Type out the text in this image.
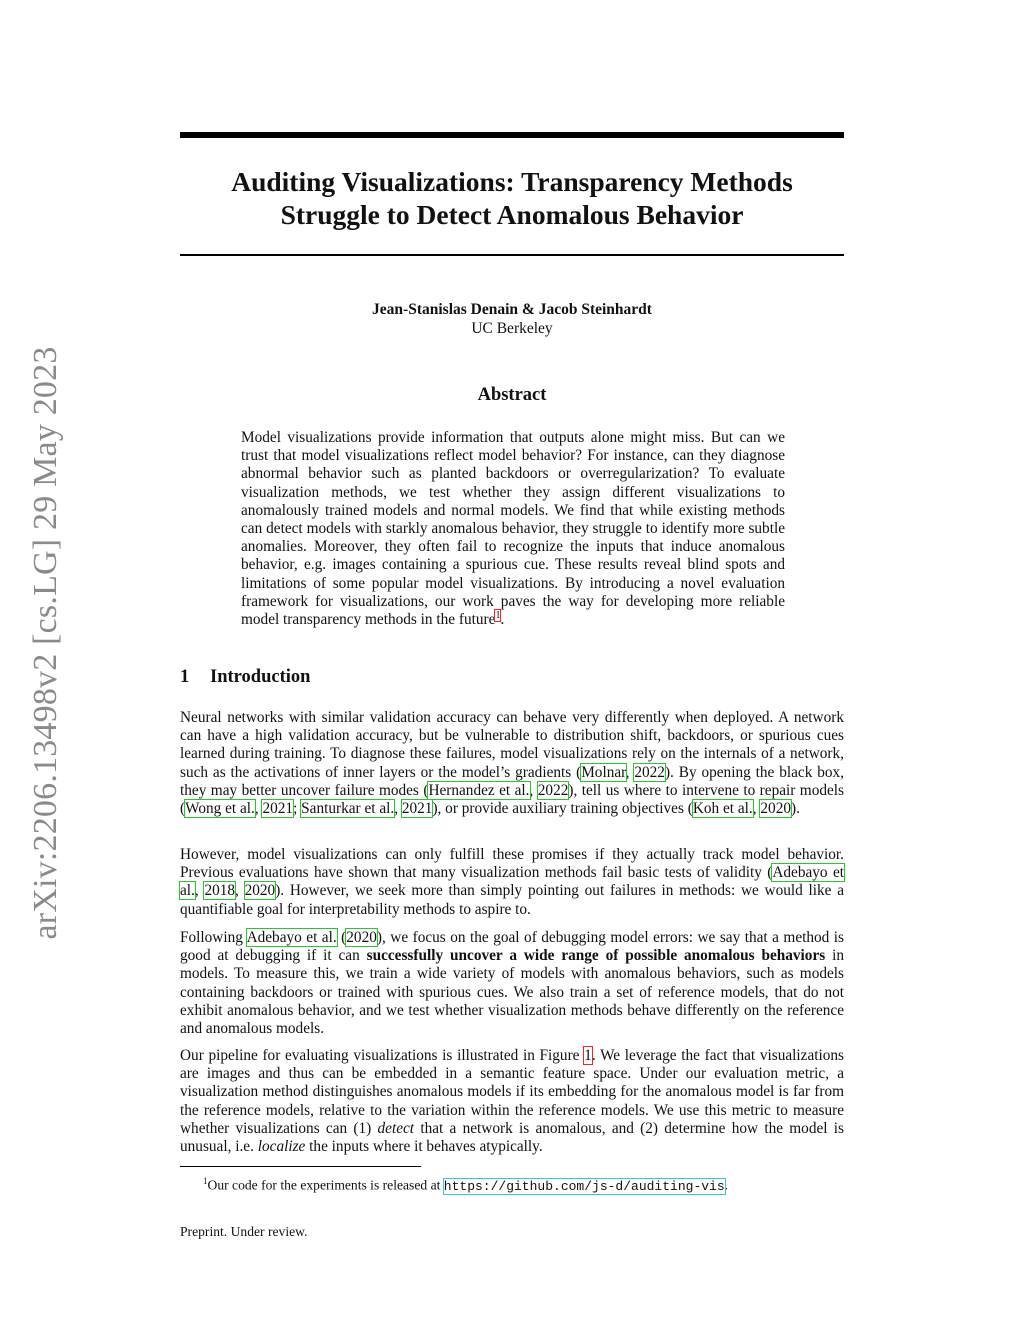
arXiv:2206.13498v2 [cs.LG] 29 May 2023
Auditing Visualizations: Transparency Methods
Struggle to Detect Anomalous Behavior
Jean-Stanislas Denain & Jacob Steinhardt
UC Berkeley
Abstract
Model visualizations provide information that outputs alone might miss. But can we trust that model visualizations reflect model behavior? For instance, can they diagnose abnormal behavior such as planted backdoors or overregularization? To evaluate visualization methods, we test whether they assign different visualizations to anomalously trained models and normal models. We find that while existing methods can detect models with starkly anomalous behavior, they struggle to identify more subtle anomalies. Moreover, they often fail to recognize the inputs that induce anomalous behavior, e.g. images containing a spurious cue. These results reveal blind spots and limitations of some popular model visualizations. By introducing a novel evaluation framework for visualizations, our work paves the way for developing more reliable model transparency methods in the future$^1$.
1 Introduction
Neural networks with similar validation accuracy can behave very differently when deployed. A network can have a high validation accuracy, but be vulnerable to distribution shift, backdoors, or spurious cues learned during training. To diagnose these failures, model visualizations rely on the internals of a network, such as the activations of inner layers or the model’s gradients (Molnar, 2022). By opening the black box, they may better uncover failure modes (Hernandez et al., 2022), tell us where to intervene to repair models (Wong et al., 2021; Santurkar et al., 2021), or provide auxiliary training objectives (Koh et al., 2020).
However, model visualizations can only fulfill these promises if they actually track model behavior. Previous evaluations have shown that many visualization methods fail basic tests of validity (Adebayo et al., 2018, 2020). However, we seek more than simply pointing out failures in methods: we would like a quantifiable goal for interpretability methods to aspire to.
Following Adebayo et al. (2020), we focus on the goal of debugging model errors: we say that a method is good at debugging if it can successfully uncover a wide range of possible anomalous behaviors in models. To measure this, we train a wide variety of models with anomalous behaviors, such as models containing backdoors or trained with spurious cues. We also train a set of reference models, that do not exhibit anomalous behavior, and we test whether visualization methods behave differently on the reference and anomalous models.
Our pipeline for evaluating visualizations is illustrated in Figure 1. We leverage the fact that visualizations are images and thus can be embedded in a semantic feature space. Under our evaluation metric, a visualization method distinguishes anomalous models if its embedding for the anomalous model is far from the reference models, relative to the variation within the reference models. We use this metric to measure whether visualizations can (1) detect that a network is anomalous, and (2) determine how the model is unusual, i.e. localize the inputs where it behaves atypically.
$^1$Our code for the experiments is released at https://github.com/js-d/auditing-vis.
Preprint. Under review.
